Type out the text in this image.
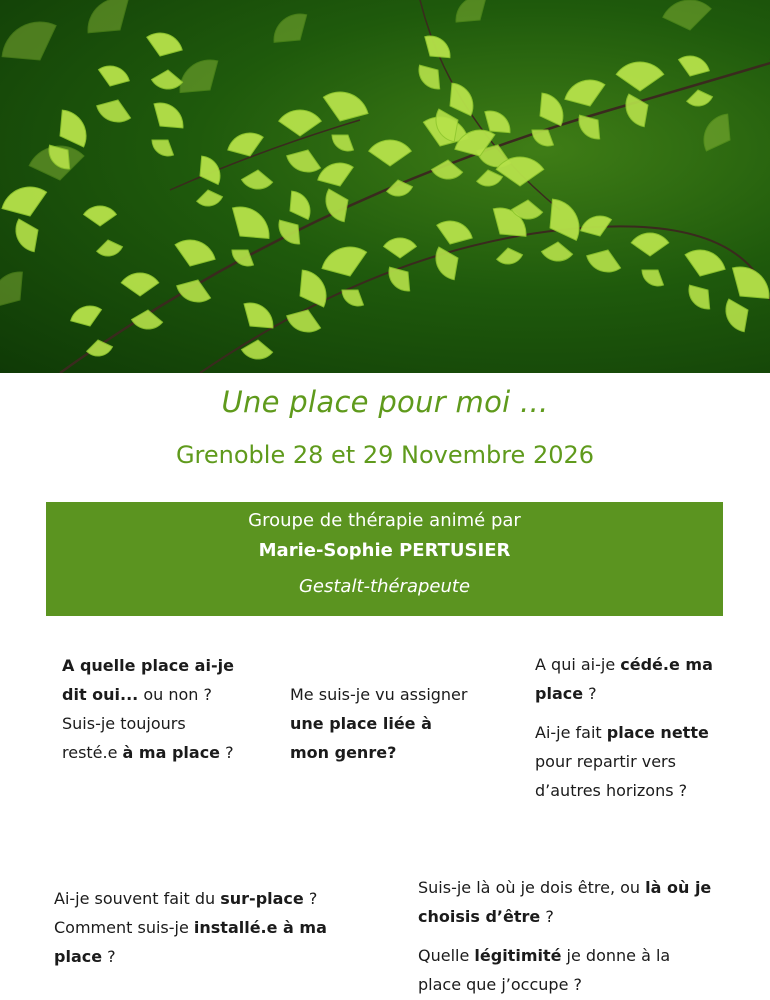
Une place pour moi ...
Grenoble 28 et 29 Novembre 2026
Groupe de thérapie animé par
Marie-Sophie PERTUSIER
Gestalt-thérapeute
A quelle place ai-je dit oui... ou non ? Suis-je toujours resté.e à ma place ?
Me suis-je vu assigner une place liée à mon genre?
A qui ai-je cédé.e ma place ?
Ai-je fait place nette pour repartir vers d’autres horizons ?
Ai-je souvent fait du sur-place ?
Comment suis-je installé.e à ma place ?
Suis-je là où je dois être, ou là où je choisis d’être ?
Quelle légitimité je donne à la place que j’occupe ?
